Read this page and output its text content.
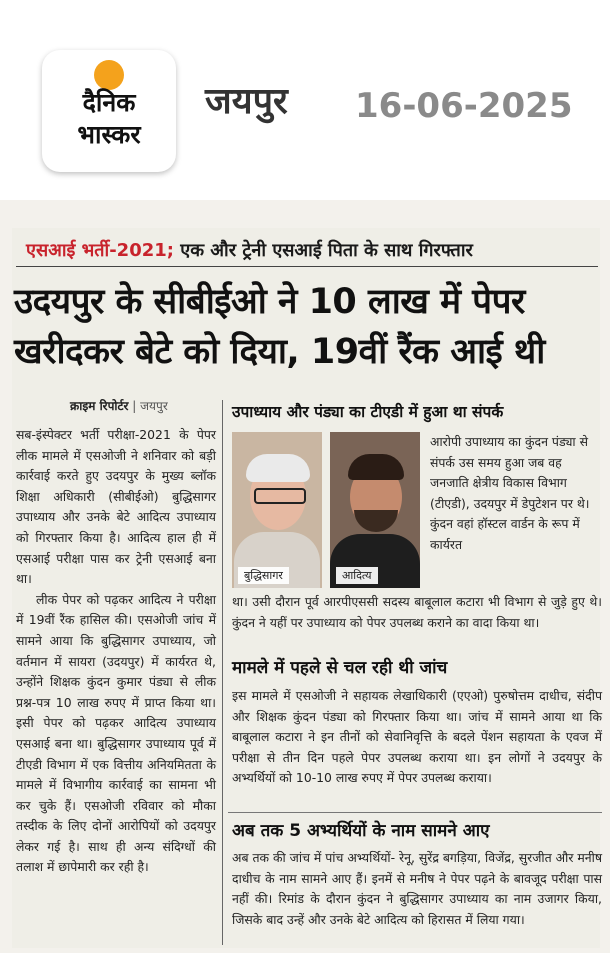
दैनिक
भास्कर
जयपुर 16-06-2025
एसआई भर्ती-2021; एक और ट्रेनी एसआई पिता के साथ गिरफ्तार
उदयपुर के सीबीईओ ने 10 लाख में पेपर
खरीदकर बेटे को दिया, 19वीं रैंक आई थी
क्राइम रिपोर्टर | जयपुर

सब-इंस्पेक्टर भर्ती परीक्षा-2021 के पेपर लीक मामले में एसओजी ने शनिवार को बड़ी कार्रवाई करते हुए उदयपुर के मुख्य ब्लॉक शिक्षा अधिकारी (सीबीईओ) बुद्धिसागर उपाध्याय और उनके बेटे आदित्य उपाध्याय को गिरफ्तार किया है। आदित्य हाल ही में एसआई परीक्षा पास कर ट्रेनी एसआई बना था।

लीक पेपर को पढ़कर आदित्य ने परीक्षा में 19वीं रैंक हासिल की। एसओजी जांच में सामने आया कि बुद्धिसागर उपाध्याय, जो वर्तमान में सायरा (उदयपुर) में कार्यरत थे, उन्होंने शिक्षक कुंदन कुमार पंड्या से लीक प्रश्न-पत्र 10 लाख रुपए में प्राप्त किया था। इसी पेपर को पढ़कर आदित्य उपाध्याय एसआई बना था। बुद्धिसागर उपाध्याय पूर्व में टीएडी विभाग में एक वित्तीय अनियमितता के मामले में विभागीय कार्रवाई का सामना भी कर चुके हैं। एसओजी रविवार को मौका तस्दीक के लिए दोनों आरोपियों को उदयपुर लेकर गई है। साथ ही अन्य संदिग्धों की तलाश में छापेमारी कर रही है।

उपाध्याय और पंड्या का टीएडी में हुआ था संपर्क
बुद्धिसागर	आदित्य
आरोपी उपाध्याय का कुंदन पंड्या से संपर्क उस समय हुआ जब वह जनजाति क्षेत्रीय विकास विभाग (टीएडी), उदयपुर में डेपुटेशन पर थे। कुंदन वहां हॉस्टल वार्डन के रूप में कार्यरत

था। उसी दौरान पूर्व आरपीएससी सदस्य बाबूलाल कटारा भी विभाग से जुड़े हुए थे। कुंदन ने यहीं पर उपाध्याय को पेपर उपलब्ध कराने का वादा किया था।

मामले में पहले से चल रही थी जांच

इस मामले में एसओजी ने सहायक लेखाधिकारी (एएओ) पुरुषोत्तम दाधीच, संदीप और शिक्षक कुंदन पंड्या को गिरफ्तार किया था। जांच में सामने आया था कि बाबूलाल कटारा ने इन तीनों को सेवानिवृत्ति के बदले पेंशन सहायता के एवज में परीक्षा से तीन दिन पहले पेपर उपलब्ध कराया था। इन लोगों ने उदयपुर के अभ्यर्थियों को 10-10 लाख रुपए में पेपर उपलब्ध कराया।

अब तक 5 अभ्यर्थियों के नाम सामने आए

अब तक की जांच में पांच अभ्यर्थियों- रेनू, सुरेंद्र बगड़िया, विजेंद्र, सुरजीत और मनीष दाधीच के नाम सामने आए हैं। इनमें से मनीष ने पेपर पढ़ने के बावजूद परीक्षा पास नहीं की। रिमांड के दौरान कुंदन ने बुद्धिसागर उपाध्याय का नाम उजागर किया, जिसके बाद उन्हें और उनके बेटे आदित्य को हिरासत में लिया गया।
